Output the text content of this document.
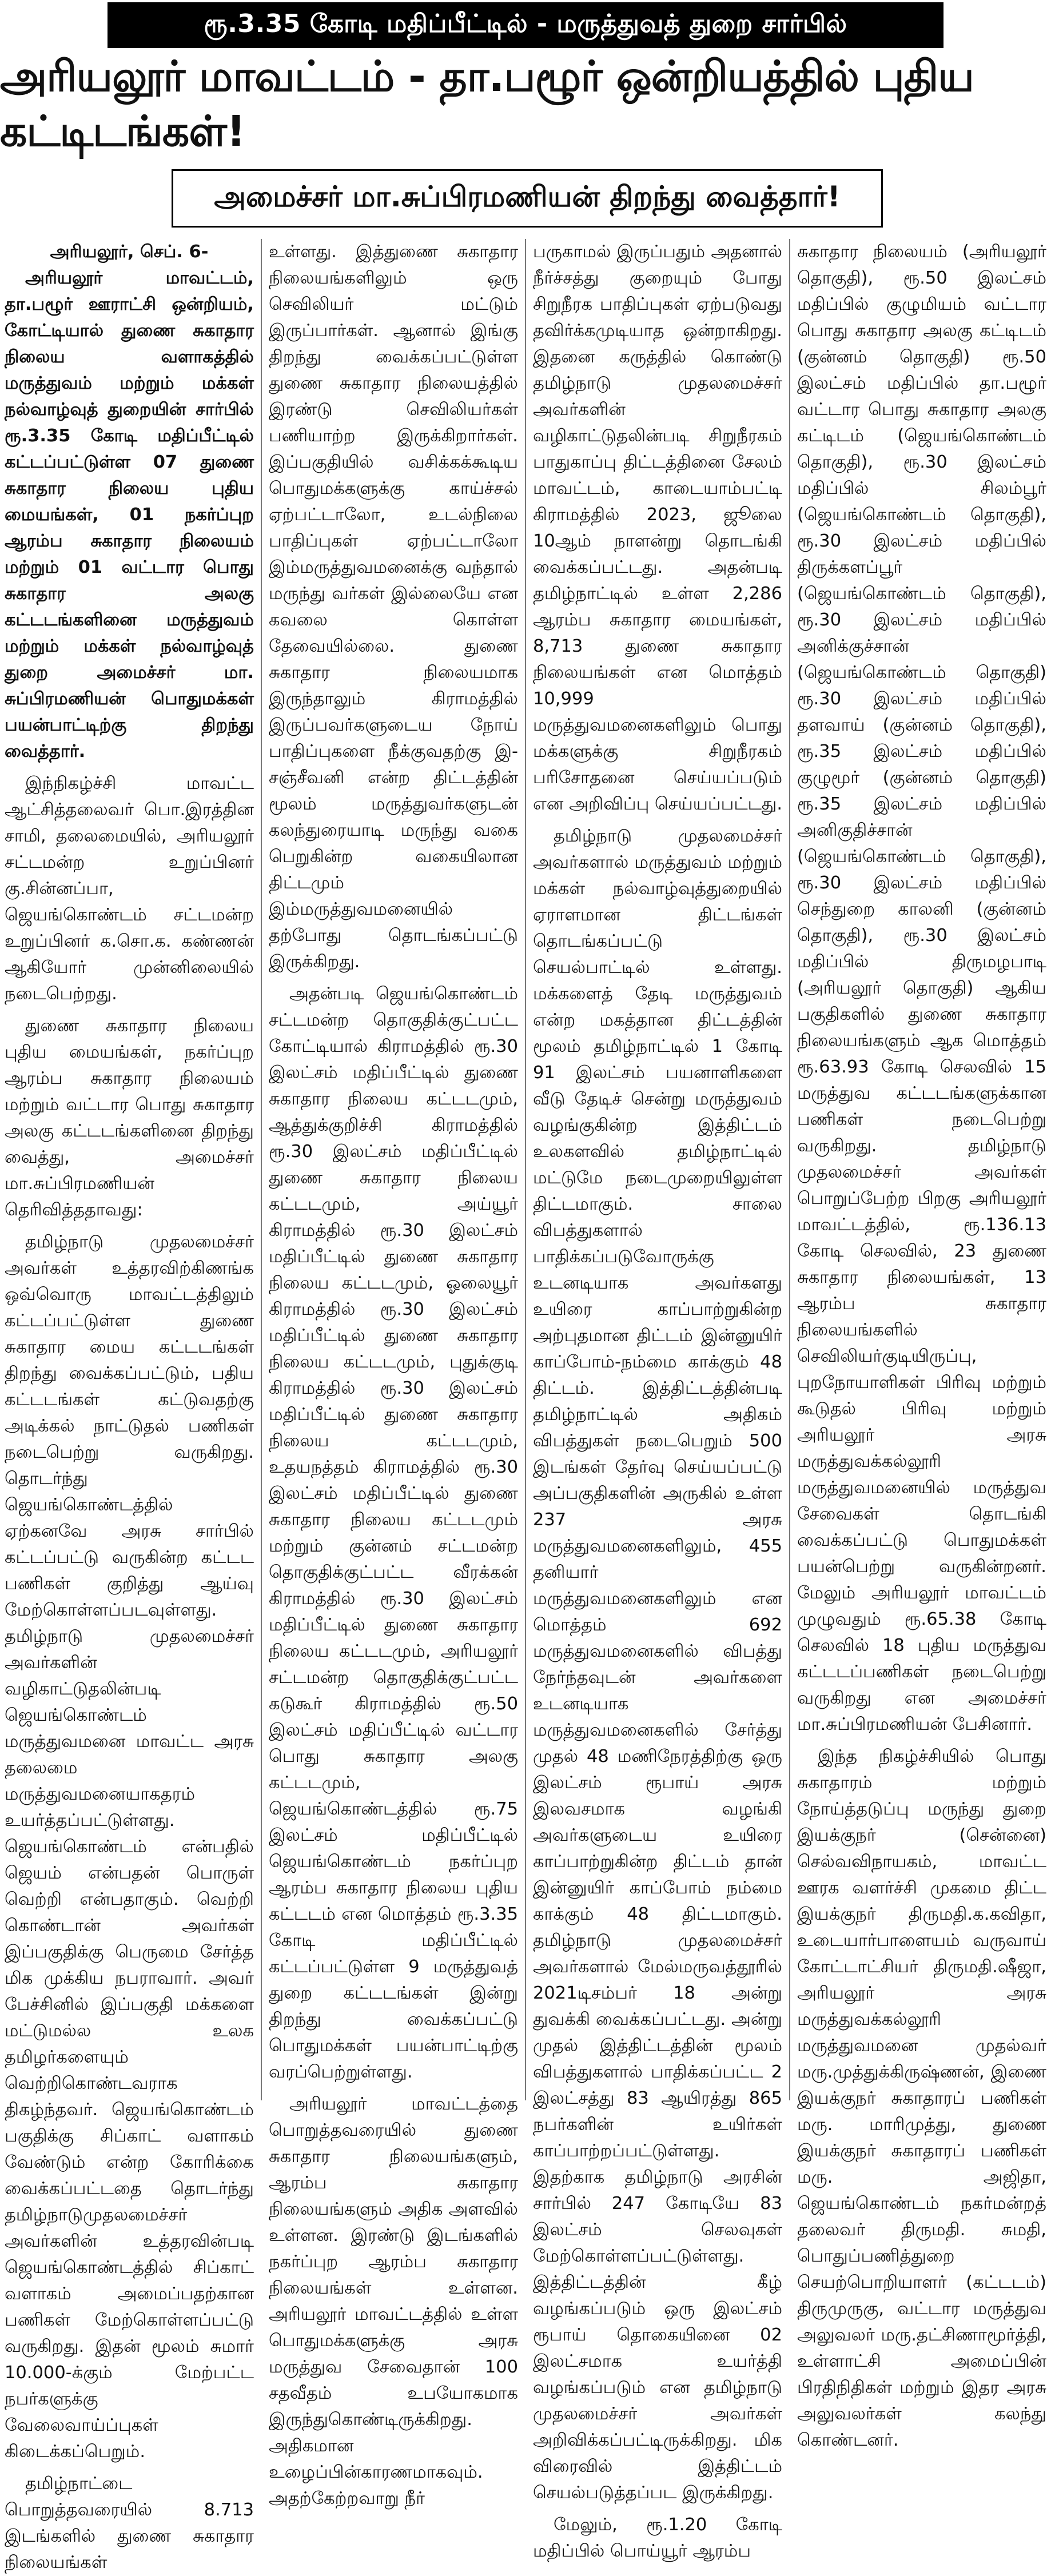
ரூ.3.35 கோடி மதிப்பீட்டில் - மருத்துவத் துறை சார்பில்
அரியலூர் மாவட்டம் - தா.பழூர் ஒன்றியத்தில் புதிய கட்டிடங்கள்!
அமைச்சர் மா.சுப்பிரமணியன் திறந்து வைத்தார்!
அரியலூர், செப். 6-

அரியலூர் மாவட்டம், தா.பழூர் ஊராட்சி ஒன்றியம், கோட்டியால் துணை சுகாதார நிலைய வளாகத்தில் மருத்துவம் மற்றும் மக்கள் நல்வாழ்வுத் துறையின் சார்பில் ரூ.3.35 கோடி மதிப்பீட்டில் கட்டப்பட்டுள்ள 07 துணை சுகாதார நிலைய புதிய மையங்கள், 01 நகர்ப்புற ஆரம்ப சுகாதார நிலையம் மற்றும் 01 வட்டார பொது சுகாதார அலகு கட்டடங்களினை மருத்துவம் மற்றும் மக்கள் நல்வாழ்வுத் துறை அமைச்சர் மா. சுப்பிரமணியன் பொதுமக்கள் பயன்பாட்டிற்கு திறந்து வைத்தார்.

இந்நிகழ்ச்சி மாவட்ட ஆட்சித்தலைவர் பொ.இரத்தின சாமி, தலைமையில், அரியலூர் சட்டமன்ற உறுப்பினர் கு.சின்னப்பா, ஜெயங்கொண்டம் சட்டமன்ற உறுப்பினர் க.சொ.க. கண்ணன் ஆகியோர் முன்னிலையில் நடைபெற்றது.

துணை சுகாதார நிலைய புதிய மையங்கள், நகர்ப்புற ஆரம்ப சுகாதார நிலையம் மற்றும் வட்டார பொது சுகாதார அலகு கட்டடங்களினை திறந்து வைத்து, அமைச்சர் மா.சுப்பிரமணியன் தெரிவித்ததாவது:

தமிழ்நாடு முதலமைச்சர் அவர்கள் உத்தரவிற்கிணங்க ஒவ்வொரு மாவட்டத்திலும் கட்டப்பட்டுள்ள துணை சுகாதார மைய கட்டடங்கள் திறந்து வைக்கப்பட்டும், பதிய கட்டடங்கள் கட்டுவதற்கு அடிக்கல் நாட்டுதல் பணிகள் நடைபெற்று வருகிறது. தொடர்ந்து ஜெயங்கொண்டத்தில் ஏற்கனவே அரசு சார்பில் கட்டப்பட்டு வருகின்ற கட்டட பணிகள் குறித்து ஆய்வு மேற்கொள்ளப்படவுள்ளது. தமிழ்நாடு முதலமைச்சர் அவர்களின் வழிகாட்டுதலின்படி ஜெயங்கொண்டம் மருத்துவமனை மாவட்ட அரசு தலைமை மருத்துவமனையாகதரம் உயர்த்தப்பட்டுள்ளது. ஜெயங்கொண்டம் என்பதில் ஜெயம் என்பதன் பொருள் வெற்றி என்பதாகும். வெற்றி கொண்டான் அவர்கள் இப்பகுதிக்கு பெருமை சேர்த்த மிக முக்கிய நபராவார். அவர் பேச்சினில் இப்பகுதி மக்களை மட்டுமல்ல உலக தமிழர்களையும் வெற்றிகொண்டவராக திகழ்ந்தவர். ஜெயங்கொண்டம் பகுதிக்கு சிப்காட் வளாகம் வேண்டும் என்ற கோரிக்கை வைக்கப்பட்டதை தொடர்ந்து தமிழ்நாடுமுதலமைச்சர் அவர்களின் உத்தரவின்படி ஜெயங்கொண்டத்தில் சிப்காட் வளாகம் அமைப்பதற்கான பணிகள் மேற்கொள்ளப்பட்டு வருகிறது. இதன் மூலம் சுமார் 10.000-க்கும் மேற்பட்ட நபர்களுக்கு வேலைவாய்ப்புகள் கிடைக்கப்பெறும்.

தமிழ்நாட்டை பொறுத்தவரையில் 8.713 இடங்களில் துணை சுகாதார நிலையங்கள்

உள்ளது. இத்துணை சுகாதார நிலையங்களிலும் ஒரு செவிலியர் மட்டும் இருப்பார்கள். ஆனால் இங்கு திறந்து வைக்கப்பட்டுள்ள துணை சுகாதார நிலையத்தில் இரண்டு செவிலியர்கள் பணியாற்ற இருக்கிறார்கள். இப்பகுதியில் வசிக்கக்கூடிய பொதுமக்களுக்கு காய்ச்சல் ஏற்பட்டாலோ, உடல்நிலை பாதிப்புகள் ஏற்பட்டாலோ இம்மருத்துவமனைக்கு வந்தால் மருந்து வர்கள் இல்லையே என கவலை கொள்ள தேவையில்லை. துணை சுகாதார நிலையமாக இருந்தாலும் கிராமத்தில் இருப்பவர்களுடைய நோய் பாதிப்புகளை நீக்குவதற்கு இ-சஞ்சீவனி என்ற திட்டத்தின் மூலம் மருத்துவர்களுடன் கலந்துரையாடி மருந்து வகை பெறுகின்ற வகையிலான திட்டமும் இம்மருத்துவமனையில் தற்போது தொடங்கப்பட்டு இருக்கிறது.

அதன்படி ஜெயங்கொண்டம் சட்டமன்ற தொகுதிக்குட்பட்ட கோட்டியால் கிராமத்தில் ரூ.30 இலட்சம் மதிப்பீட்டில் துணை சுகாதார நிலைய கட்டடமும், ஆத்துக்குறிச்சி கிராமத்தில் ரூ.30 இலட்சம் மதிப்பீட்டில் துணை சுகாதார நிலைய கட்டடமும், அய்யூர் கிராமத்தில் ரூ.30 இலட்சம் மதிப்பீட்டில் துணை சுகாதார நிலைய கட்டடமும், ஓலையூர் கிராமத்தில் ரூ.30 இலட்சம் மதிப்பீட்டில் துணை சுகாதார நிலைய கட்டடமும், புதுக்குடி கிராமத்தில் ரூ.30 இலட்சம் மதிப்பீட்டில் துணை சுகாதார நிலைய கட்டடமும், உதயநத்தம் கிராமத்தில் ரூ.30 இலட்சம் மதிப்பீட்டில் துணை சுகாதார நிலைய கட்டடமும் மற்றும் குன்னம் சட்டமன்ற தொகுதிக்குட்பட்ட வீரக்கன் கிராமத்தில் ரூ.30 இலட்சம் மதிப்பீட்டில் துணை சுகாதார நிலைய கட்டடமும், அரியலூர் சட்டமன்ற தொகுதிக்குட்பட்ட கடுகூர் கிராமத்தில் ரூ.50 இலட்சம் மதிப்பீட்டில் வட்டார பொது சுகாதார அலகு கட்டடமும், ஜெயங்கொண்டத்தில் ரூ.75 இலட்சம் மதிப்பீட்டில் ஜெயங்கொண்டம் நகர்ப்புற ஆரம்ப சுகாதார நிலைய புதிய கட்டடம் என மொத்தம் ரூ.3.35 கோடி மதிப்பீட்டில் கட்டப்பட்டுள்ள 9 மருத்துவத் துறை கட்டடங்கள் இன்று திறந்து வைக்கப்பட்டு பொதுமக்கள் பயன்பாட்டிற்கு வரப்பெற்றுள்ளது.

அரியலூர் மாவட்டத்தை பொறுத்தவரையில் துணை சுகாதார நிலையங்களும், ஆரம்ப சுகாதார நிலையங்களும் அதிக அளவில் உள்ளன. இரண்டு இடங்களில் நகர்ப்புற ஆரம்ப சுகாதார நிலையங்கள் உள்ளன. அரியலூர் மாவட்டத்தில் உள்ள பொதுமக்களுக்கு அரசு மருத்துவ சேவைதான் 100 சதவீதம் உபயோகமாக இருந்துகொண்டிருக்கிறது. அதிகமான உழைப்பின்காரணமாகவும். அதற்கேற்றவாறு நீர்

பருகாமல் இருப்பதும் அதனால் நீர்ச்சத்து குறையும் போது சிறுநீரக பாதிப்புகள் ஏற்படுவது தவிர்க்கமுடியாத ஒன்றாகிறது. இதனை கருத்தில் கொண்டு தமிழ்நாடு முதலமைச்சர் அவர்களின் வழிகாட்டுதலின்படி சிறுநீரகம் பாதுகாப்பு திட்டத்தினை சேலம் மாவட்டம், காடையாம்பட்டி கிராமத்தில் 2023, ஜூலை 10ஆம் நாளன்று தொடங்கி வைக்கப்பட்டது. அதன்படி தமிழ்நாட்டில் உள்ள 2,286 ஆரம்ப சுகாதார மையங்கள், 8,713 துணை சுகாதார நிலையங்கள் என மொத்தம் 10,999 மருத்துவமனைகளிலும் பொது மக்களுக்கு சிறுநீரகம் பரிசோதனை செய்யப்படும் என அறிவிப்பு செய்யப்பட்டது.

தமிழ்நாடு முதலமைச்சர் அவர்களால் மருத்துவம் மற்றும் மக்கள் நல்வாழ்வுத்துறையில் ஏராளமான திட்டங்கள் தொடங்கப்பட்டு செயல்பாட்டில் உள்ளது. மக்களைத் தேடி மருத்துவம் என்ற மகத்தான திட்டத்தின் மூலம் தமிழ்நாட்டில் 1 கோடி 91 இலட்சம் பயனாளிகளை வீடு தேடிச் சென்று மருத்துவம் வழங்குகின்ற இத்திட்டம் உலகளவில் தமிழ்நாட்டில் மட்டுமே நடைமுறையிலுள்ள திட்டமாகும். சாலை விபத்துகளால் பாதிக்கப்படுவோருக்கு உடனடியாக அவர்களது உயிரை காப்பாற்றுகின்ற அற்புதமான திட்டம் இன்னுயிர் காப்போம்-நம்மை காக்கும் 48 திட்டம். இத்திட்டத்தின்படி தமிழ்நாட்டில் அதிகம் விபத்துகள் நடைபெறும் 500 இடங்கள் தேர்வு செய்யப்பட்டு அப்பகுதிகளின் அருகில் உள்ள 237 அரசு மருத்துவமனைகளிலும், 455 தனியார் மருத்துவமனைகளிலும் என மொத்தம் 692 மருத்துவமனைகளில் விபத்து நேர்ந்தவுடன் அவர்களை உடனடியாக மருத்துவமனைகளில் சேர்த்து முதல் 48 மணிநேரத்திற்கு ஒரு இலட்சம் ரூபாய் அரசு இலவசமாக வழங்கி அவர்களுடைய உயிரை காப்பாற்றுகின்ற திட்டம் தான் இன்னுயிர் காப்போம் நம்மை காக்கும் 48 திட்டமாகும். தமிழ்நாடு முதலமைச்சர் அவர்களால் மேல்மருவத்தூரில் 2021டிசம்பர் 18 அன்று துவக்கி வைக்கப்பட்டது. அன்று முதல் இத்திட்டத்தின் மூலம் விபத்துகளால் பாதிக்கப்பட்ட 2 இலட்சத்து 83 ஆயிரத்து 865 நபர்களின் உயிர்கள் காப்பாற்றப்பட்டுள்ளது. இதற்காக தமிழ்நாடு அரசின் சார்பில் 247 கோடியே 83 இலட்சம் செலவுகள் மேற்கொள்ளப்பட்டுள்ளது. இத்திட்டத்தின் கீழ் வழங்கப்படும் ஒரு இலட்சம் ரூபாய் தொகையினை 02 இலட்சமாக உயர்த்தி வழங்கப்படும் என தமிழ்நாடு முதலமைச்சர் அவர்கள் அறிவிக்கப்பட்டிருக்கிறது. மிக விரைவில் இத்திட்டம் செயல்படுத்தப்பட இருக்கிறது.

மேலும், ரூ.1.20 கோடி மதிப்பில் பொய்யூர் ஆரம்ப

சுகாதார நிலையம் (அரியலூர் தொகுதி), ரூ.50 இலட்சம் மதிப்பில் குழுமியம் வட்டார பொது சுகாதார அலகு கட்டிடம் (குன்னம் தொகுதி) ரூ.50 இலட்சம் மதிப்பில் தா.பழூர் வட்டார பொது சுகாதார அலகு கட்டிடம் (ஜெயங்கொண்டம் தொகுதி), ரூ.30 இலட்சம் மதிப்பில் சிலம்பூர் (ஜெயங்கொண்டம் தொகுதி), ரூ.30 இலட்சம் மதிப்பில் திருக்களப்பூர் (ஜெயங்கொண்டம் தொகுதி), ரூ.30 இலட்சம் மதிப்பில் அனிக்குச்சான் (ஜெயங்கொண்டம் தொகுதி) ரூ.30 இலட்சம் மதிப்பில் தளவாய் (குன்னம் தொகுதி), ரூ.35 இலட்சம் மதிப்பில் குழுமூர் (குன்னம் தொகுதி) ரூ.35 இலட்சம் மதிப்பில் அனிகுதிச்சான் (ஜெயங்கொண்டம் தொகுதி), ரூ.30 இலட்சம் மதிப்பில் செந்துறை காலனி (குன்னம் தொகுதி), ரூ.30 இலட்சம் மதிப்பில் திருமழபாடி (அரியலூர் தொகுதி) ஆகிய பகுதிகளில் துணை சுகாதார நிலையங்களும் ஆக மொத்தம் ரூ.63.93 கோடி செலவில் 15 மருத்துவ கட்டடங்களுக்கான பணிகள் நடைபெற்று வருகிறது. தமிழ்நாடு முதலமைச்சர் அவர்கள் பொறுப்பேற்ற பிறகு அரியலூர் மாவட்டத்தில், ரூ.136.13 கோடி செலவில், 23 துணை சுகாதார நிலையங்கள், 13 ஆரம்ப சுகாதார நிலையங்களில் செவிலியர்குடியிருப்பு, புறநோயாளிகள் பிரிவு மற்றும் கூடுதல் பிரிவு மற்றும் அரியலூர் அரசு மருத்துவக்கல்லூரி மருத்துவமனையில் மருத்துவ சேவைகள் தொடங்கி வைக்கப்பட்டு பொதுமக்கள் பயன்பெற்று வருகின்றனர். மேலும் அரியலூர் மாவட்டம் முழுவதும் ரூ.65.38 கோடி செலவில் 18 புதிய மருத்துவ கட்டடப்பணிகள் நடைபெற்று வருகிறது என அமைச்சர் மா.சுப்பிரமணியன் பேசினார்.

இந்த நிகழ்ச்சியில் பொது சுகாதாரம் மற்றும் நோய்த்தடுப்பு மருந்து துறை இயக்குநர் (சென்னை) செல்வவிநாயகம், மாவட்ட ஊரக வளர்ச்சி முகமை திட்ட இயக்குநர் திருமதி.க.கவிதா, உடையார்பாளையம் வருவாய் கோட்டாட்சியர் திருமதி.ஷீஜா, அரியலூர் அரசு மருத்துவக்கல்லூரி மருத்துவமனை முதல்வர் மரு.முத்துக்கிருஷ்ணன், இணை இயக்குநர் சுகாதாரப் பணிகள் மரு. மாரிமுத்து, துணை இயக்குநர் சுகாதாரப் பணிகள் மரு. அஜிதா, ஜெயங்கொண்டம் நகர்மன்றத் தலைவர் திருமதி. சுமதி, பொதுப்பணித்துறை செயற்பொறியாளர் (கட்டடம்) திருமுருகு, வட்டார மருத்துவ அலுவலர் மரு.தட்சிணாமூர்த்தி, உள்ளாட்சி அமைப்பின் பிரதிநிதிகள் மற்றும் இதர அரசு அலுவலர்கள் கலந்து கொண்டனர்.
